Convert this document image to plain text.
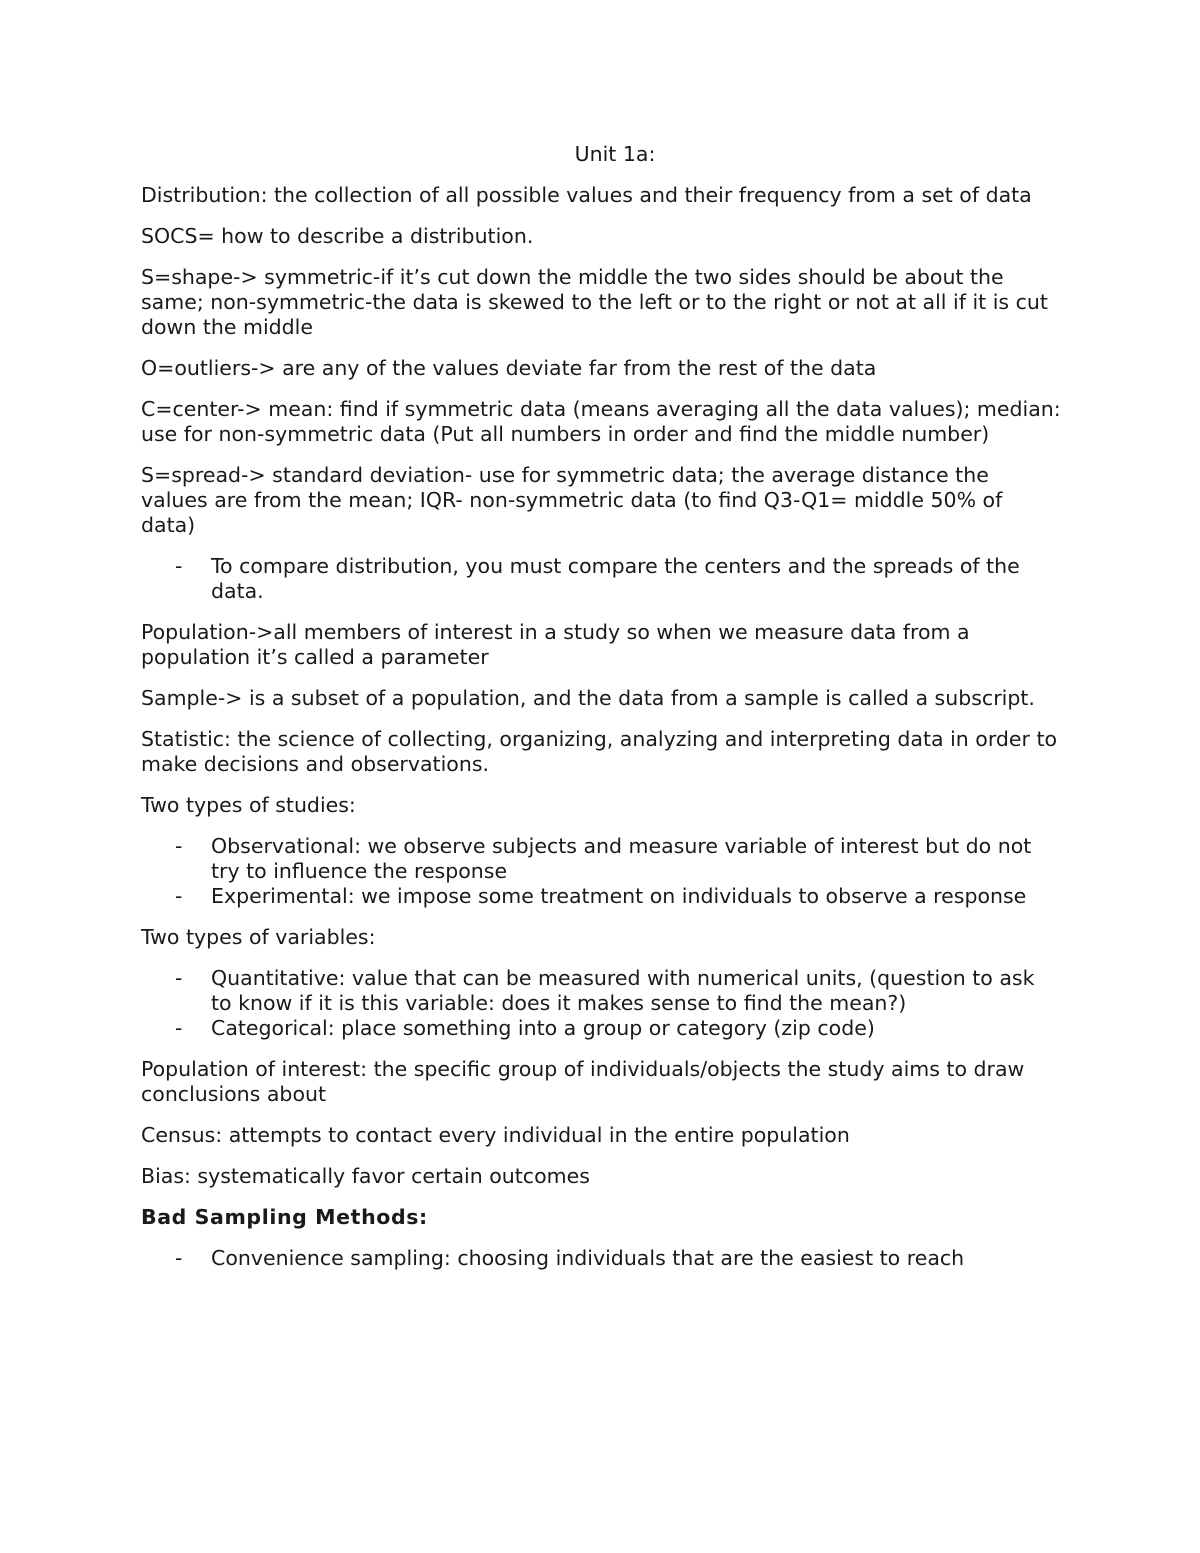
Unit 1a:

Distribution: the collection of all possible values and their frequency from a set of data

SOCS= how to describe a distribution.

S=shape-> symmetric-if it’s cut down the middle the two sides should be about the same; non-symmetric-the data is skewed to the left or to the right or not at all if it is cut down the middle

O=outliers-> are any of the values deviate far from the rest of the data

C=center-> mean: find if symmetric data (means averaging all the data values); median: use for non-symmetric data (Put all numbers in order and find the middle number)

S=spread-> standard deviation- use for symmetric data; the average distance the values are from the mean; IQR- non-symmetric data (to find Q3-Q1= middle 50% of data)

- To compare distribution, you must compare the centers and the spreads of the data.

Population->all members of interest in a study so when we measure data from a population it’s called a parameter

Sample-> is a subset of a population, and the data from a sample is called a subscript.

Statistic: the science of collecting, organizing, analyzing and interpreting data in order to make decisions and observations.

Two types of studies:

- Observational: we observe subjects and measure variable of interest but do not try to influence the response
- Experimental: we impose some treatment on individuals to observe a response

Two types of variables:

- Quantitative: value that can be measured with numerical units, (question to ask to know if it is this variable: does it makes sense to find the mean?)
- Categorical: place something into a group or category (zip code)

Population of interest: the specific group of individuals/objects the study aims to draw conclusions about

Census: attempts to contact every individual in the entire population

Bias: systematically favor certain outcomes

Bad Sampling Methods:

- Convenience sampling: choosing individuals that are the easiest to reach
